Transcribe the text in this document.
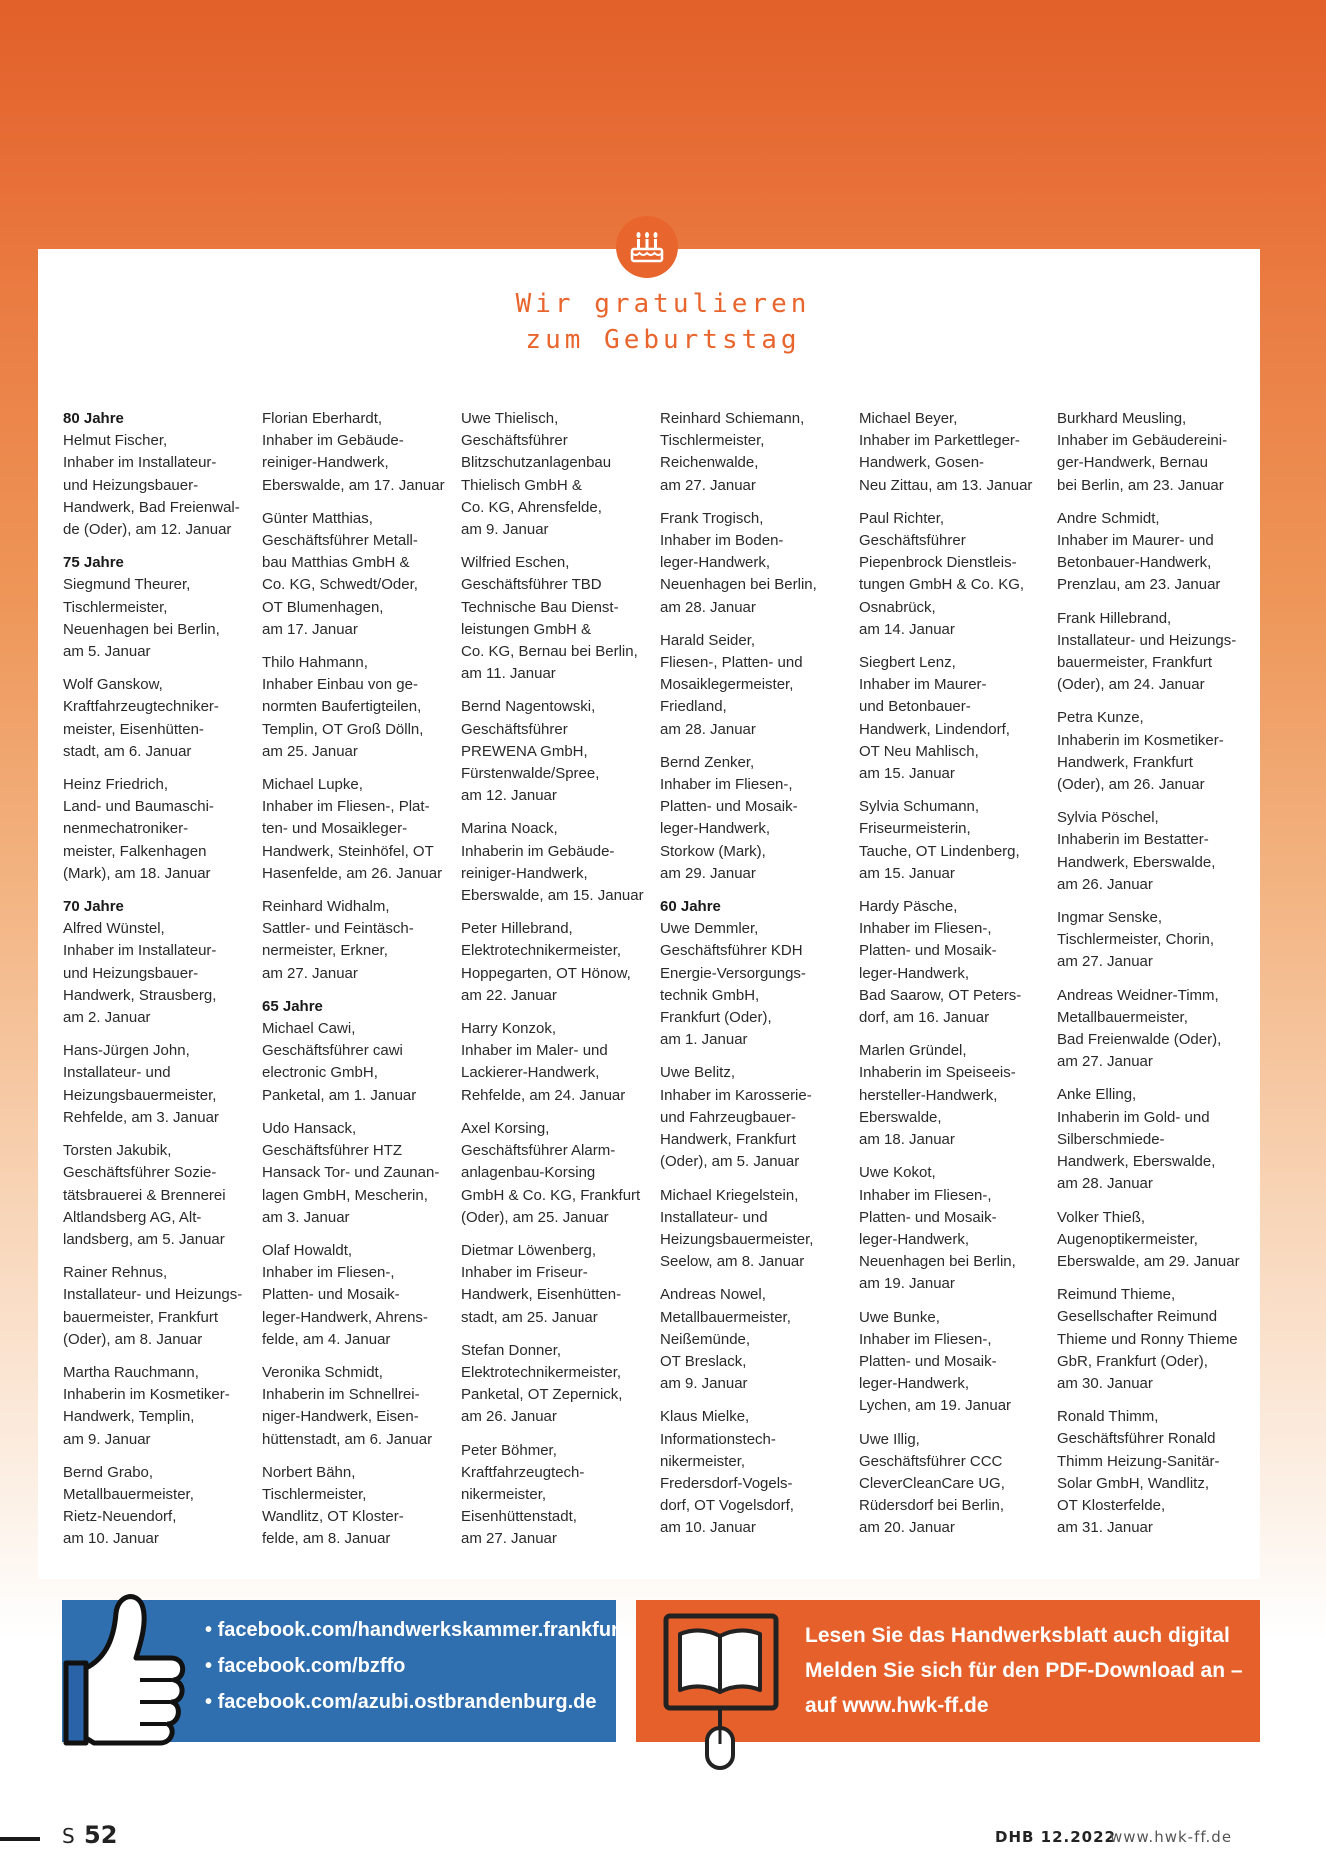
Wir gratulieren
zum Geburtstag
80 Jahre
Helmut Fischer,
Inhaber im Installateur-
und Heizungsbauer-
Handwerk, Bad Freienwal-
de (Oder), am 12. Januar
75 Jahre
Siegmund Theurer,
Tischlermeister,
Neuenhagen bei Berlin,
am 5. Januar
Wolf Ganskow,
Kraftfahrzeugtechniker-
meister, Eisenhütten-
stadt, am 6. Januar
Heinz Friedrich,
Land- und Baumaschi-
nenmechatroniker-
meister, Falkenhagen
(Mark), am 18. Januar
70 Jahre
Alfred Wünstel,
Inhaber im Installateur-
und Heizungsbauer-
Handwerk, Strausberg,
am 2. Januar
Hans-Jürgen John,
Installateur- und
Heizungsbauermeister,
Rehfelde, am 3. Januar
Torsten Jakubik,
Geschäftsführer Sozie-
tätsbrauerei & Brennerei
Altlandsberg AG, Alt-
landsberg, am 5. Januar
Rainer Rehnus,
Installateur- und Heizungs-
bauermeister, Frankfurt
(Oder), am 8. Januar
Martha Rauchmann,
Inhaberin im Kosmetiker-
Handwerk, Templin,
am 9. Januar
Bernd Grabo,
Metallbauermeister,
Rietz-Neuendorf,
am 10. Januar
Florian Eberhardt,
Inhaber im Gebäude-
reiniger-Handwerk,
Eberswalde, am 17. Januar
Günter Matthias,
Geschäftsführer Metall-
bau Matthias GmbH &
Co. KG, Schwedt/Oder,
OT Blumenhagen,
am 17. Januar
Thilo Hahmann,
Inhaber Einbau von ge-
normten Baufertigteilen,
Templin, OT Groß Dölln,
am 25. Januar
Michael Lupke,
Inhaber im Fliesen-, Plat-
ten- und Mosaikleger-
Handwerk, Steinhöfel, OT
Hasenfelde, am 26. Januar
Reinhard Widhalm,
Sattler- und Feintäsch-
nermeister, Erkner,
am 27. Januar
65 Jahre
Michael Cawi,
Geschäftsführer cawi
electronic GmbH,
Panketal, am 1. Januar
Udo Hansack,
Geschäftsführer HTZ
Hansack Tor- und Zaunan-
lagen GmbH, Mescherin,
am 3. Januar
Olaf Howaldt,
Inhaber im Fliesen-,
Platten- und Mosaik-
leger-Handwerk, Ahrens-
felde, am 4. Januar
Veronika Schmidt,
Inhaberin im Schnellrei-
niger-Handwerk, Eisen-
hüttenstadt, am 6. Januar
Norbert Bähn,
Tischlermeister,
Wandlitz, OT Kloster-
felde, am 8. Januar
Uwe Thielisch,
Geschäftsführer
Blitzschutzanlagenbau
Thielisch GmbH &
Co. KG, Ahrensfelde,
am 9. Januar
Wilfried Eschen,
Geschäftsführer TBD
Technische Bau Dienst-
leistungen GmbH &
Co. KG, Bernau bei Berlin,
am 11. Januar
Bernd Nagentowski,
Geschäftsführer
PREWENA GmbH,
Fürstenwalde/Spree,
am 12. Januar
Marina Noack,
Inhaberin im Gebäude-
reiniger-Handwerk,
Eberswalde, am 15. Januar
Peter Hillebrand,
Elektrotechnikermeister,
Hoppegarten, OT Hönow,
am 22. Januar
Harry Konzok,
Inhaber im Maler- und
Lackierer-Handwerk,
Rehfelde, am 24. Januar
Axel Korsing,
Geschäftsführer Alarm-
anlagenbau-Korsing
GmbH & Co. KG, Frankfurt
(Oder), am 25. Januar
Dietmar Löwenberg,
Inhaber im Friseur-
Handwerk, Eisenhütten-
stadt, am 25. Januar
Stefan Donner,
Elektrotechnikermeister,
Panketal, OT Zepernick,
am 26. Januar
Peter Böhmer,
Kraftfahrzeugtech-
nikermeister,
Eisenhüttenstadt,
am 27. Januar
Reinhard Schiemann,
Tischlermeister,
Reichenwalde,
am 27. Januar
Frank Trogisch,
Inhaber im Boden-
leger-Handwerk,
Neuenhagen bei Berlin,
am 28. Januar
Harald Seider,
Fliesen-, Platten- und
Mosaiklegermeister,
Friedland,
am 28. Januar
Bernd Zenker,
Inhaber im Fliesen-,
Platten- und Mosaik-
leger-Handwerk,
Storkow (Mark),
am 29. Januar
60 Jahre
Uwe Demmler,
Geschäftsführer KDH
Energie-Versorgungs-
technik GmbH,
Frankfurt (Oder),
am 1. Januar
Uwe Belitz,
Inhaber im Karosserie-
und Fahrzeugbauer-
Handwerk, Frankfurt
(Oder), am 5. Januar
Michael Kriegelstein,
Installateur- und
Heizungsbauermeister,
Seelow, am 8. Januar
Andreas Nowel,
Metallbauermeister,
Neißemünde,
OT Breslack,
am 9. Januar
Klaus Mielke,
Informationstech-
nikermeister,
Fredersdorf-Vogels-
dorf, OT Vogelsdorf,
am 10. Januar
Michael Beyer,
Inhaber im Parkettleger-
Handwerk, Gosen-
Neu Zittau, am 13. Januar
Paul Richter,
Geschäftsführer
Piepenbrock Dienstleis-
tungen GmbH & Co. KG,
Osnabrück,
am 14. Januar
Siegbert Lenz,
Inhaber im Maurer-
und Betonbauer-
Handwerk, Lindendorf,
OT Neu Mahlisch,
am 15. Januar
Sylvia Schumann,
Friseurmeisterin,
Tauche, OT Lindenberg,
am 15. Januar
Hardy Päsche,
Inhaber im Fliesen-,
Platten- und Mosaik-
leger-Handwerk,
Bad Saarow, OT Peters-
dorf, am 16. Januar
Marlen Gründel,
Inhaberin im Speiseeis-
hersteller-Handwerk,
Eberswalde,
am 18. Januar
Uwe Kokot,
Inhaber im Fliesen-,
Platten- und Mosaik-
leger-Handwerk,
Neuenhagen bei Berlin,
am 19. Januar
Uwe Bunke,
Inhaber im Fliesen-,
Platten- und Mosaik-
leger-Handwerk,
Lychen, am 19. Januar
Uwe Illig,
Geschäftsführer CCC
CleverCleanCare UG,
Rüdersdorf bei Berlin,
am 20. Januar
Burkhard Meusling,
Inhaber im Gebäudereini-
ger-Handwerk, Bernau
bei Berlin, am 23. Januar
Andre Schmidt,
Inhaber im Maurer- und
Betonbauer-Handwerk,
Prenzlau, am 23. Januar
Frank Hillebrand,
Installateur- und Heizungs-
bauermeister, Frankfurt
(Oder), am 24. Januar
Petra Kunze,
Inhaberin im Kosmetiker-
Handwerk, Frankfurt
(Oder), am 26. Januar
Sylvia Pöschel,
Inhaberin im Bestatter-
Handwerk, Eberswalde,
am 26. Januar
Ingmar Senske,
Tischlermeister, Chorin,
am 27. Januar
Andreas Weidner-Timm,
Metallbauermeister,
Bad Freienwalde (Oder),
am 27. Januar
Anke Elling,
Inhaberin im Gold- und
Silberschmiede-
Handwerk, Eberswalde,
am 28. Januar
Volker Thieß,
Augenoptikermeister,
Eberswalde, am 29. Januar
Reimund Thieme,
Gesellschafter Reimund
Thieme und Ronny Thieme
GbR, Frankfurt (Oder),
am 30. Januar
Ronald Thimm,
Geschäftsführer Ronald
Thimm Heizung-Sanitär-
Solar GmbH, Wandlitz,
OT Klosterfelde,
am 31. Januar
• facebook.com/handwerkskammer.frankfurt
• facebook.com/bzffo
• facebook.com/azubi.ostbrandenburg.de
Lesen Sie das Handwerksblatt auch digital
Melden Sie sich für den PDF-Download an –
auf www.hwk-ff.de
S 52	DHB 12.2022
www.hwk-ff.de
